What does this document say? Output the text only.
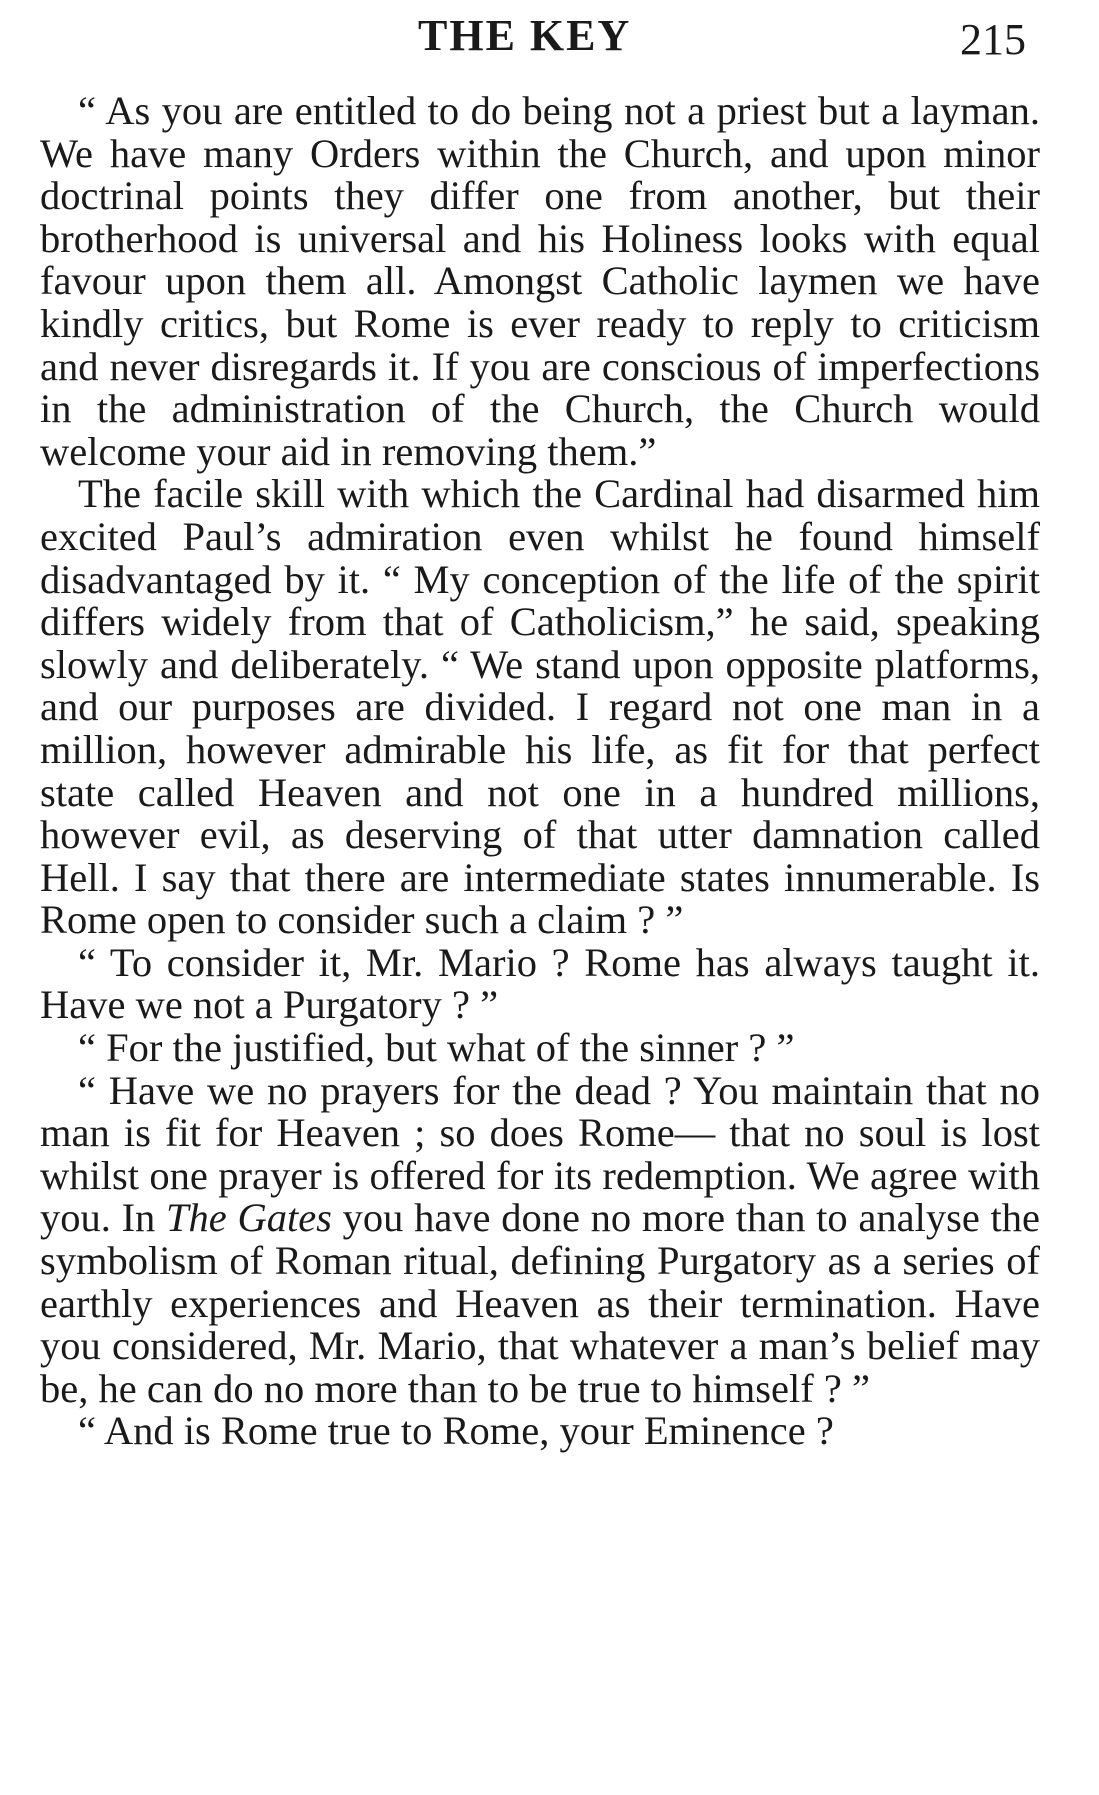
THE KEY	215

“ As you are entitled to do being not a priest but a layman. We have many Orders within the Church, and upon minor doctrinal points they differ one from another, but their brotherhood is universal and his Holiness looks with equal favour upon them all. Amongst Catholic laymen we have kindly critics, but Rome is ever ready to reply to criticism and never disregards it. If you are conscious of imperfections in the administration of the Church, the Church would welcome your aid in removing them.”

The facile skill with which the Cardinal had disarmed him excited Paul’s admiration even whilst he found himself disadvantaged by it. “ My conception of the life of the spirit differs widely from that of Catholicism,” he said, speaking slowly and deliberately. “ We stand upon opposite platforms, and our purposes are divided. I regard not one man in a million, however admirable his life, as fit for that perfect state called Heaven and not one in a hundred millions, however evil, as deserving of that utter damnation called Hell. I say that there are intermediate states innumerable. Is Rome open to consider such a claim ? ”

“ To consider it, Mr. Mario ? Rome has always taught it. Have we not a Purgatory ? ”

“ For the justified, but what of the sinner ? ”

“ Have we no prayers for the dead ? You maintain that no man is fit for Heaven ; so does Rome— that no soul is lost whilst one prayer is offered for its redemption. We agree with you. In The Gates you have done no more than to analyse the symbolism of Roman ritual, defining Purgatory as a series of earthly experiences and Heaven as their termination. Have you considered, Mr. Mario, that whatever a man’s belief may be, he can do no more than to be true to himself ? ”

“ And is Rome true to Rome, your Eminence ?
